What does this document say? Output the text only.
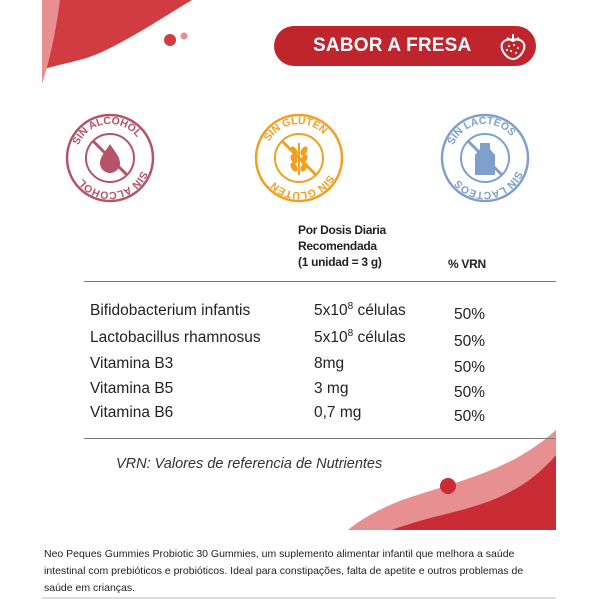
SABOR A FRESA
SIN ALCOHOL
SIN ALCOHOL
SIN GLUTEN
SIN GLUTEN
SIN LÁCTEOS
SIN LÁCTEOS
Por Dosis Diaria
Recomendada
(1 unidad = 3 g)	% VRN
Bifidobacterium infantis	$5x10^8$ células	50%
Lactobacillus rhamnosus	$5x10^8$ células	50%
Vitamina B3	8mg	50%
Vitamina B5	3 mg	50%
Vitamina B6	0,7 mg	50%
VRN: Valores de referencia de Nutrientes
Neo Peques Gummies Probiotic 30 Gummies, um suplemento alimentar infantil que melhora a saúde intestinal com prebióticos e probióticos. Ideal para constipações, falta de apetite e outros problemas de saúde em crianças.
